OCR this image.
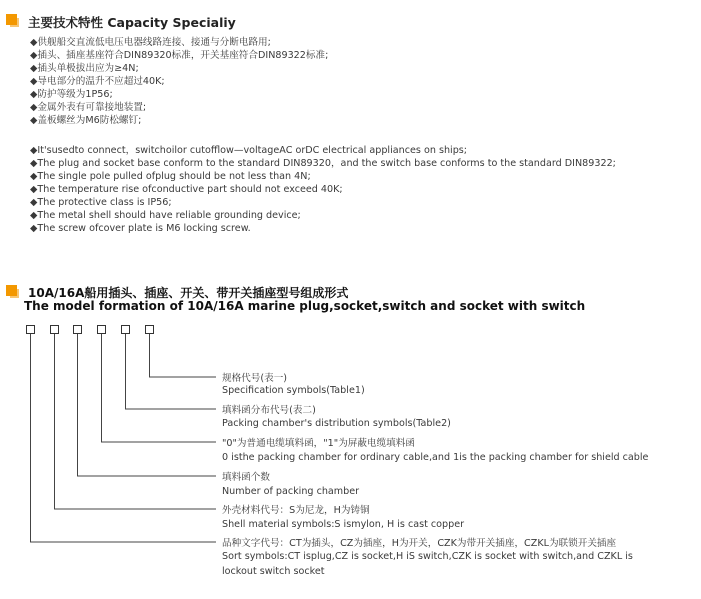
主要技术特性 Capacity Specialiy
◆供舰船交直流低电压电器线路连接、接通与分断电路用;
◆插头、插座基座符合DIN89320标准，开关基座符合DIN89322标准;
◆插头单极拔出应为≥4N;
◆导电部分的温升不应超过40K;
◆防护等级为1P56;
◆金属外表有可靠接地装置;
◆盖板螺丝为M6防松螺钉;
◆It'susedto connect，switchoilor cutofflow—voltageAC orDC electrical appliances on ships;
◆The plug and socket base conform to the standard DIN89320，and the switch base conforms to the standard DIN89322;
◆The single pole pulled ofplug should be not less than 4N;
◆The temperature rise ofconductive part should not exceed 40K;
◆The protective class is IP56;
◆The metal shell should have reliable grounding device;
◆The screw ofcover plate is M6 locking screw.
10A/16A船用插头、插座、开关、带开关插座型号组成形式
The model formation of 10A/16A marine plug,socket,switch and socket with switch
规格代号(表一)
Specification symbols(Table1)
填料函分布代号(表二)
Packing chamber's distribution symbols(Table2)
"0"为普通电缆填料函，"1"为屏蔽电缆填料函
0 isthe packing chamber for ordinary cable,and 1is the packing chamber for shield cable
填料函个数
Number of packing chamber
外壳材料代号：S为尼龙，H为铸铜
Shell material symbols:S ismylon, H is cast copper
品种文字代号：CT为插头，CZ为插座，H为开关，CZK为带开关插座，CZKL为联锁开关插座
Sort symbols:CT isplug,CZ is socket,H iS switch,CZK is socket with switch,and CZKL is
lockout switch socket
